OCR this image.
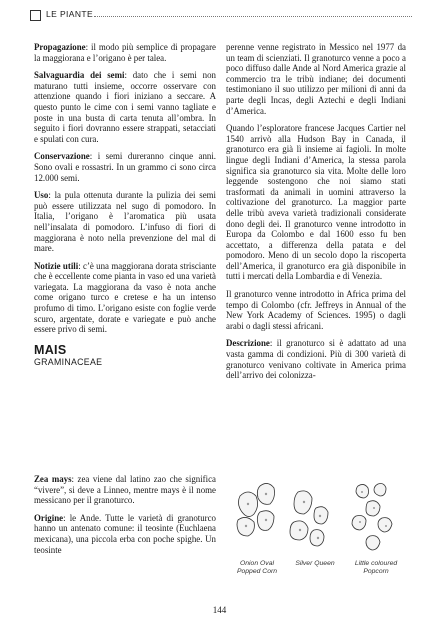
LE PIANTE

Propagazione: il modo più semplice di propagare la maggiorana e l’origano è per talea.

Salvaguardia dei semi: dato che i semi non maturano tutti insieme, occorre osservare con attenzione quando i fiori iniziano a seccare. A questo punto le cime con i semi vanno tagliate e poste in una busta di carta tenuta all’ombra. In seguito i fiori dovranno essere strappati, setacciati e spulati con cura.

Conservazione: i semi dureranno cinque anni. Sono ovali e rossastri. In un grammo ci sono circa 12.000 semi.

Uso: la pula ottenuta durante la pulizia dei semi può essere utilizzata nel sugo di pomodoro. In Italia, l’origano è l’aromatica più usata nell’insalata di pomodoro. L’infuso di fiori di maggiorana è noto nella prevenzione del mal di mare.

Notizie utili: c’è una maggiorana dorata strisciante che è eccellente come pianta in vaso ed una varietà variegata. La maggiorana da vaso è nota anche come origano turco e cretese e ha un intenso profumo di timo. L’origano esiste con foglie verde scuro, argentate, dorate e variegate e può anche essere privo di semi.

MAIS
GRAMINACEAE

perenne venne registrato in Messico nel 1977 da un team di scienziati. Il granoturco venne a poco a poco diffuso dalle Ande al Nord America grazie al commercio tra le tribù indiane; dei documenti testimoniano il suo utilizzo per milioni di anni da parte degli Incas, degli Aztechi e degli Indiani d’America.

Quando l’esploratore francese Jacques Cartier nel 1540 arrivò alla Hudson Bay in Canada, il granoturco era già lì insieme ai fagioli. In molte lingue degli Indiani d’America, la stessa parola significa sia granoturco sia vita. Molte delle loro leggende sostengono che noi siamo stati trasformati da animali in uomini attraverso la coltivazione del granoturco. La maggior parte delle tribù aveva varietà tradizionali considerate dono degli dei. Il granoturco venne introdotto in Europa da Colombo e dal 1600 esso fu ben accettato, a differenza della patata e del pomodoro. Meno di un secolo dopo la riscoperta dell’America, il granoturco era già disponibile in tutti i mercati della Lombardia e di Venezia.

Il granoturco venne introdotto in Africa prima del tempo di Colombo (cfr. Jeffreys in Annual of the New York Academy of Sciences. 1995) o dagli arabi o dagli stessi africani.

Descrizione: il granoturco si è adattato ad una vasta gamma di condizioni. Più di 300 varietà di granoturco venivano coltivate in America prima dell’arrivo dei colonizza-

Zea mays: zea viene dal latino zao che significa “vivere”, si deve a Linneo, mentre mays è il nome messicano per il granoturco.

Origine: le Ande. Tutte le varietà di granoturco hanno un antenato comune: il teosinte (Euchlaena mexicana), una piccola erba con poche spighe. Un teosinte

Onion Oval Popped Corn
Silver Queen	Little coloured Popcorn
144
